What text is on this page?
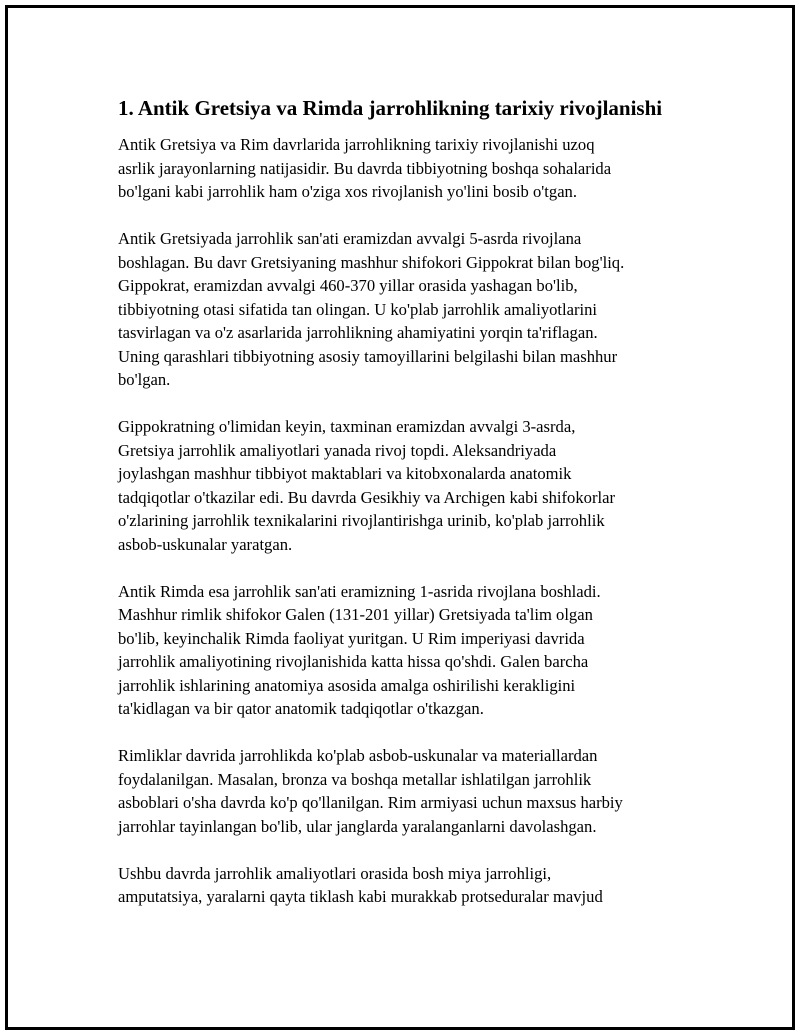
1. Antik Gretsiya va Rimda jarrohlikning tarixiy rivojlanishi
Antik Gretsiya va Rim davrlarida jarrohlikning tarixiy rivojlanishi uzoq
asrlik jarayonlarning natijasidir. Bu davrda tibbiyotning boshqa sohalarida
bo'lgani kabi jarrohlik ham o'ziga xos rivojlanish yo'lini bosib o'tgan.
Antik Gretsiyada jarrohlik san'ati eramizdan avvalgi 5-asrda rivojlana
boshlagan. Bu davr Gretsiyaning mashhur shifokori Gippokrat bilan bog'liq.
Gippokrat, eramizdan avvalgi 460-370 yillar orasida yashagan bo'lib,
tibbiyotning otasi sifatida tan olingan. U ko'plab jarrohlik amaliyotlarini
tasvirlagan va o'z asarlarida jarrohlikning ahamiyatini yorqin ta'riflagan.
Uning qarashlari tibbiyotning asosiy tamoyillarini belgilashi bilan mashhur
bo'lgan.
Gippokratning o'limidan keyin, taxminan eramizdan avvalgi 3-asrda,
Gretsiya jarrohlik amaliyotlari yanada rivoj topdi. Aleksandriyada
joylashgan mashhur tibbiyot maktablari va kitobxonalarda anatomik
tadqiqotlar o'tkazilar edi. Bu davrda Gesikhiy va Archigen kabi shifokorlar
o'zlarining jarrohlik texnikalarini rivojlantirishga urinib, ko'plab jarrohlik
asbob-uskunalar yaratgan.
Antik Rimda esa jarrohlik san'ati eramizning 1-asrida rivojlana boshladi.
Mashhur rimlik shifokor Galen (131-201 yillar) Gretsiyada ta'lim olgan
bo'lib, keyinchalik Rimda faoliyat yuritgan. U Rim imperiyasi davrida
jarrohlik amaliyotining rivojlanishida katta hissa qo'shdi. Galen barcha
jarrohlik ishlarining anatomiya asosida amalga oshirilishi kerakligini
ta'kidlagan va bir qator anatomik tadqiqotlar o'tkazgan.
Rimliklar davrida jarrohlikda ko'plab asbob-uskunalar va materiallardan
foydalanilgan. Masalan, bronza va boshqa metallar ishlatilgan jarrohlik
asboblari o'sha davrda ko'p qo'llanilgan. Rim armiyasi uchun maxsus harbiy
jarrohlar tayinlangan bo'lib, ular janglarda yaralanganlarni davolashgan.
Ushbu davrda jarrohlik amaliyotlari orasida bosh miya jarrohligi,
amputatsiya, yaralarni qayta tiklash kabi murakkab protseduralar mavjud
